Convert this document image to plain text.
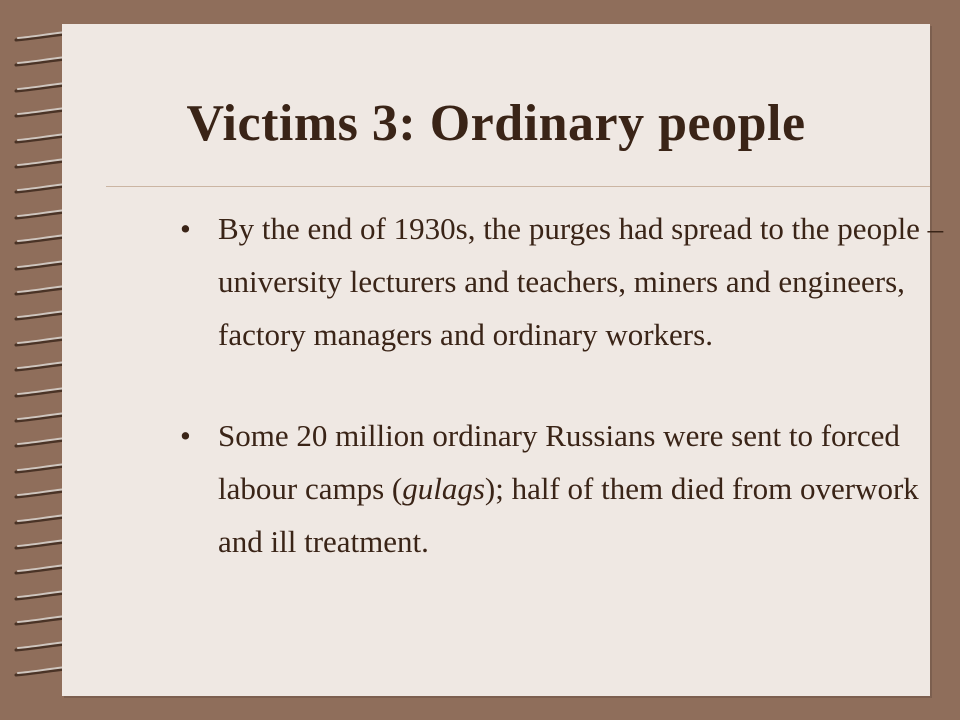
Victims 3: Ordinary people

• By the end of 1930s, the purges had spread to the people – university lecturers and teachers, miners and engineers, factory managers and ordinary workers.

• Some 20 million ordinary Russians were sent to forced labour camps (gulags); half of them died from overwork and ill treatment.
